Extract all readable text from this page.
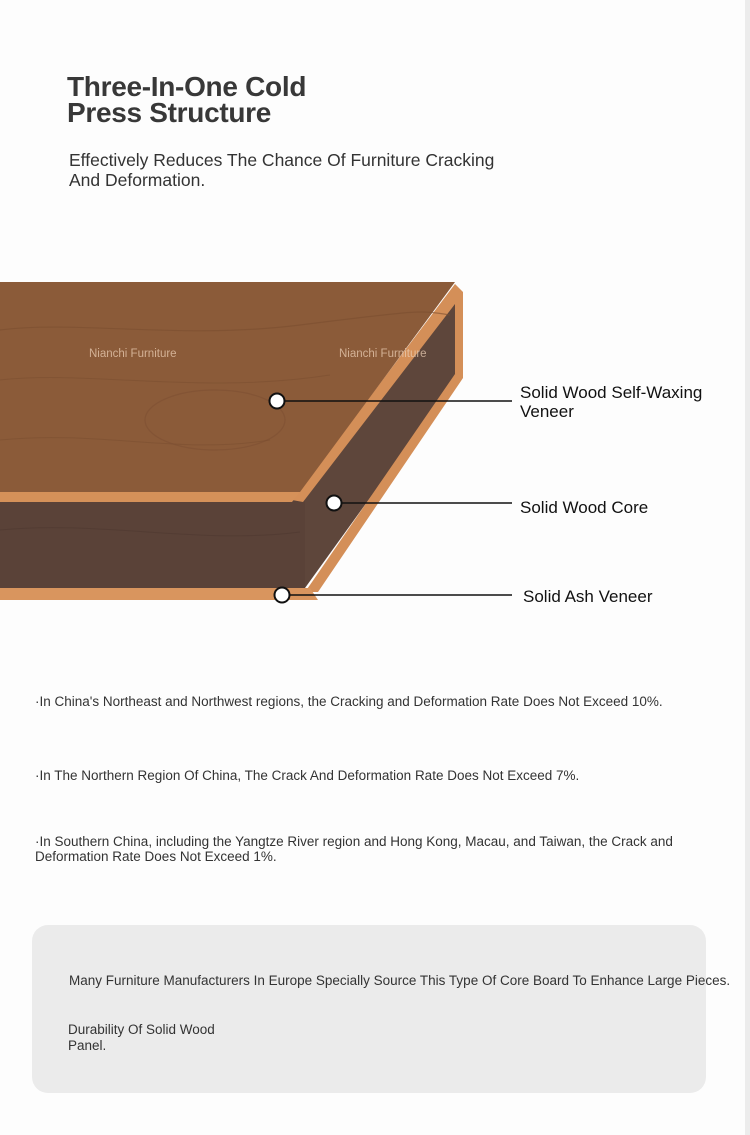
Three-In-One Cold
Press Structure
Effectively Reduces The Chance Of Furniture Cracking
And Deformation.
Nianchi Furniture	Nianchi Furniture
Solid Wood Self-Waxing
Veneer
Solid Wood Core
Solid Ash Veneer
·In China's Northeast and Northwest regions, the Cracking and Deformation Rate Does Not Exceed 10%.
·In The Northern Region Of China, The Crack And Deformation Rate Does Not Exceed 7%.
·In Southern China, including the Yangtze River region and Hong Kong, Macau, and Taiwan, the Crack and Deformation Rate Does Not Exceed 1%.
Many Furniture Manufacturers In Europe Specially Source This Type Of Core Board To Enhance Large Pieces.
Durability Of Solid Wood
Panel.
